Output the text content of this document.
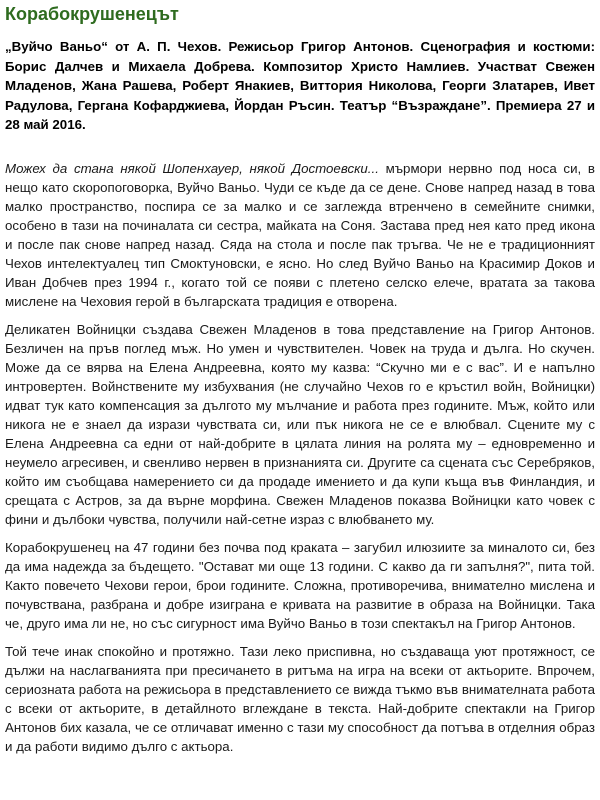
Корабокрушенецът

„Вуйчо Ваньо“ от А. П. Чехов. Режисьор Григор Антонов. Сценография и костюми: Борис Далчев и Михаела Добрева. Композитор Христо Намлиев. Участват Свежен Младенов, Жана Рашева, Роберт Янакиев, Виттория Николова, Георги Златарев, Ивет Радулова, Гергана Кофарджиева, Йордан Ръсин. Театър “Възраждане”. Премиера 27 и 28 май 2016.

Можех да стана някой Шопенхауер, някой Достоевски... мърмори нервно под носа си, в нещо като скоропоговорка, Вуйчо Ваньо. Чуди се къде да се дене. Снове напред назад в това малко пространство, поспира се за малко и се заглежда втренчено в семейните снимки, особено в тази на починалата си сестра, майката на Соня. Застава пред нея като пред икона и после пак снове напред назад. Сяда на стола и после пак тръгва. Че не е традиционният Чехов интелектуалец тип Смоктуновски, е ясно. Но след Вуйчо Ваньо на Красимир Доков и Иван Добчев през 1994 г., когато той се появи с плетено селско елече, вратата за такова мислене на Чеховия герой в българската традиция е отворена.

Деликатен Войницки създава Свежен Младенов в това представление на Григор Антонов. Безличен на пръв поглед мъж. Но умен и чувствителен. Човек на труда и дълга. Но скучен. Може да се вярва на Елена Андреевна, която му казва: “Скучно ми е с вас”. И е напълно интровертен. Войнствените му избухвания (не случайно Чехов го е кръстил войн, Войницки) идват тук като компенсация за дългото му мълчание и работа през годините. Мъж, който или никога не е знаел да изрази чувствата си, или пък никога не се е влюбвал. Сцените му с Елена Андреевна са едни от най-добрите в цялата линия на ролята му – едновременно и неумело агресивен, и свенливо нервен в признанията си. Другите са сцената със Серебряков, който им съобщава намерението си да продаде имението и да купи къща във Финландия, и срещата с Астров, за да върне морфина. Свежен Младенов показва Войницки като човек с фини и дълбоки чувства, получили най-сетне израз с влюбването му.

Корабокрушенец на 47 години без почва под краката – загубил илюзиите за миналото си, без да има надежда за бъдещето. "Остават ми още 13 години. С какво да ги запълня?", пита той. Както повечето Чехови герои, брои годините. Сложна, противоречива, внимателно мислена и почувствана, разбрана и добре изиграна е кривата на развитие в образа на Войницки. Така че, друго има ли не, но със сигурност има Вуйчо Ваньо в този спектакъл на Григор Антонов.

Той тече инак спокойно и протяжно. Тази леко приспивна, но създаваща уют протяжност, се дължи на наслагванията при пресичането в ритъма на игра на всеки от актьорите. Впрочем, сериозната работа на режисьора в представлението се вижда тъкмо във внимателната работа с всеки от актьорите, в детайлното вглеждане в текста. Най-добрите спектакли на Григор Антонов бих казала, че се отличават именно с тази му способност да потъва в отделния образ и да работи видимо дълго с актьора.
